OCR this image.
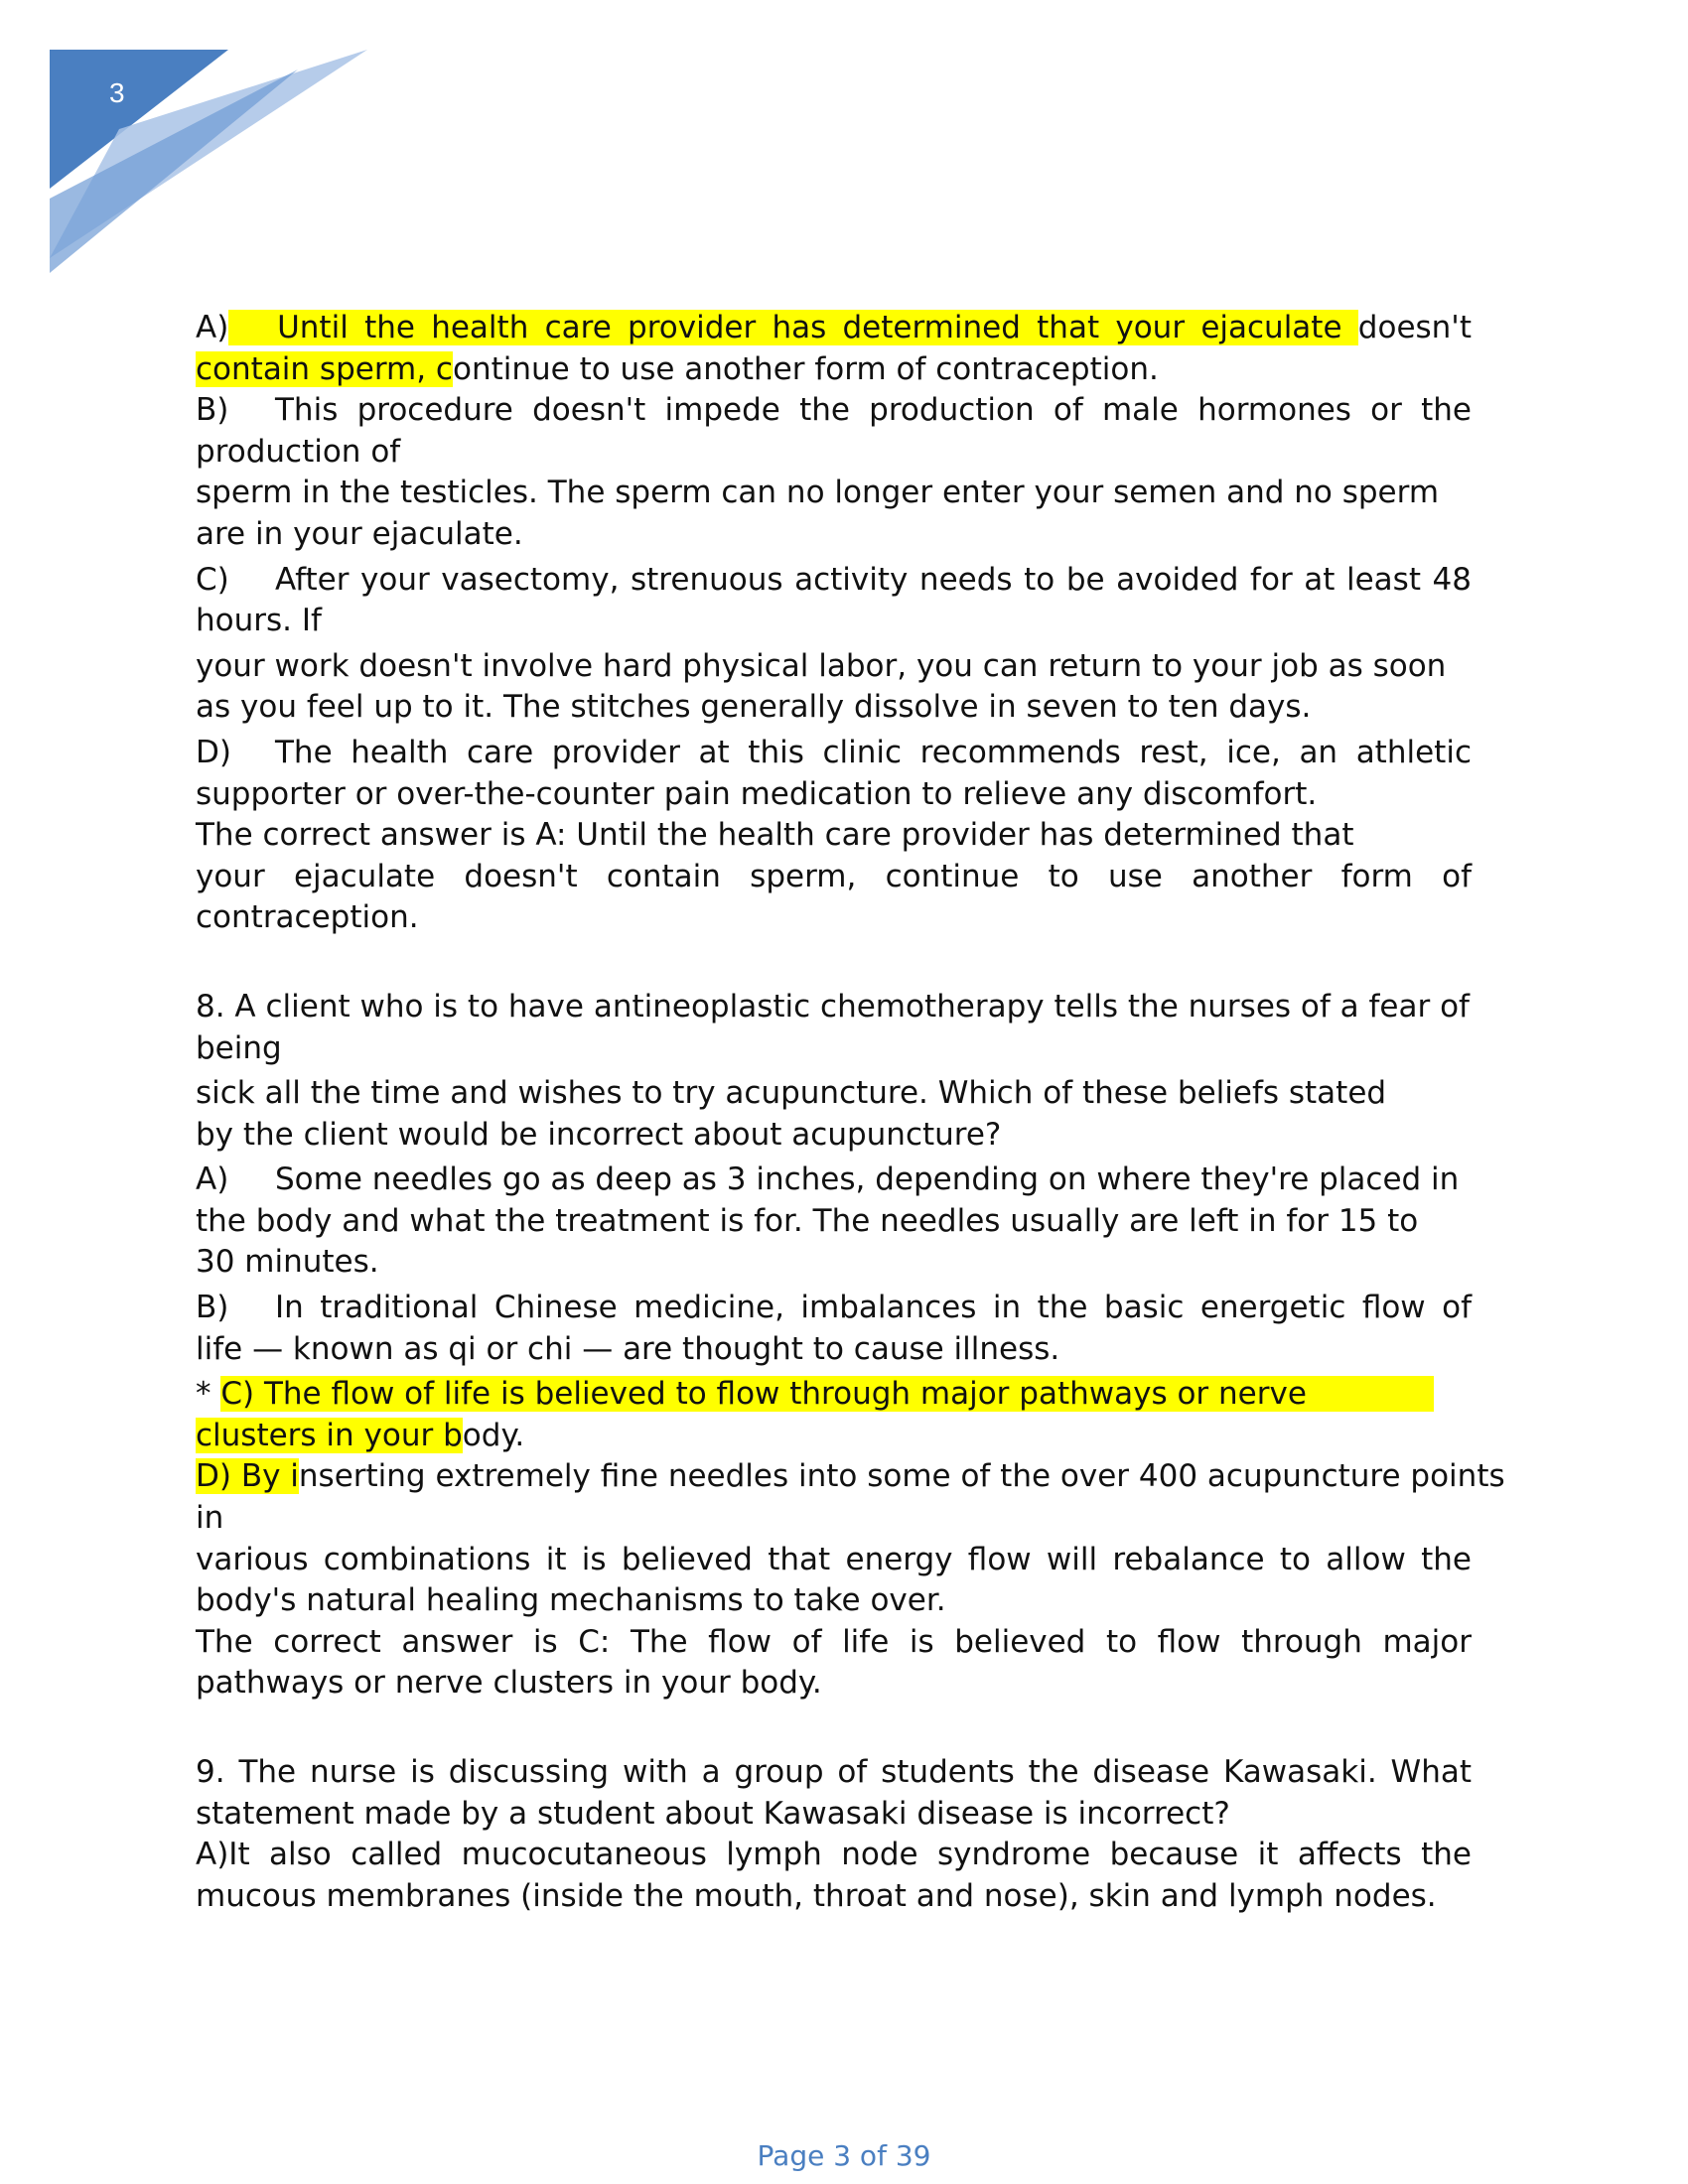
3
A) Until the health care provider has determined that your ejaculate doesn't
contain sperm, continue to use another form of contraception.
B) This procedure doesn't impede the production of male hormones or the
production of
sperm in the testicles. The sperm can no longer enter your semen and no sperm
are in your ejaculate.
C) After your vasectomy, strenuous activity needs to be avoided for at least 48
hours. If
your work doesn't involve hard physical labor, you can return to your job as soon
as you feel up to it. The stitches generally dissolve in seven to ten days.
D) The health care provider at this clinic recommends rest, ice, an athletic
supporter or over-the-counter pain medication to relieve any discomfort.
The correct answer is A: Until the health care provider has determined that
your ejaculate doesn't contain sperm, continue to use another form of
contraception.
8. A client who is to have antineoplastic chemotherapy tells the nurses of a fear of
being
sick all the time and wishes to try acupuncture. Which of these beliefs stated
by the client would be incorrect about acupuncture?
A) Some needles go as deep as 3 inches, depending on where they're placed in
the body and what the treatment is for. The needles usually are left in for 15 to
30 minutes.
B) In traditional Chinese medicine, imbalances in the basic energetic flow of
life — known as qi or chi — are thought to cause illness.
* C) The flow of life is believed to flow through major pathways or nerve
clusters in your body.
D) By inserting extremely fine needles into some of the over 400 acupuncture points
in
various combinations it is believed that energy flow will rebalance to allow the
body's natural healing mechanisms to take over.
The correct answer is C: The flow of life is believed to flow through major
pathways or nerve clusters in your body.
9. The nurse is discussing with a group of students the disease Kawasaki. What
statement made by a student about Kawasaki disease is incorrect?
A)It also called mucocutaneous lymph node syndrome because it affects the
mucous membranes (inside the mouth, throat and nose), skin and lymph nodes.
Page 3 of 39
